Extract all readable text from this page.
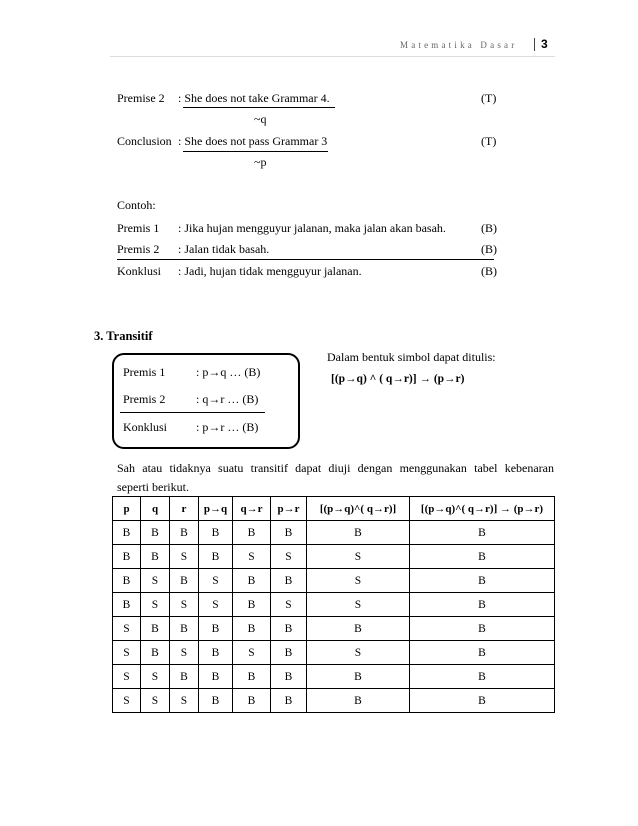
Matematika Dasar 3
Premise 2 : She does not take Grammar 4.	(T)
~q
Conclusion : She does not pass Grammar 3	(T)
~p
Contoh:
Premis 1 : Jika hujan mengguyur jalanan, maka jalan akan basah.	(B)
Premis 2 : Jalan tidak basah.	(B)
Konklusi : Jadi, hujan tidak mengguyur jalanan.	(B)
3. Transitif
Premis 1	: p→q … (B)
Premis 2	: q→r … (B)
Konklusi : p→r … (B)
Dalam bentuk simbol dapat ditulis:
[(p→q) ^ ( q→r)] → (p→r)
Sah atau tidaknya suatu transitif dapat diuji dengan menggunakan tabel kebenaran
seperti berikut.
p	q	r	p→q	q→r	p→r	[(p→q)^( q→r)]	[(p→q)^( q→r)] → (p→r)
B	B	B	B	B	B	B	B
B	B	S	B	S	S	S	B
B	S	B	S	B	B	S	B
B	S	S	S	B	S	S	B
S	B	B	B	B	B	B	B
S	B	S	B	S	B	S	B
S	S	B	B	B	B	B	B
S	S	S	B	B	B	B	B
